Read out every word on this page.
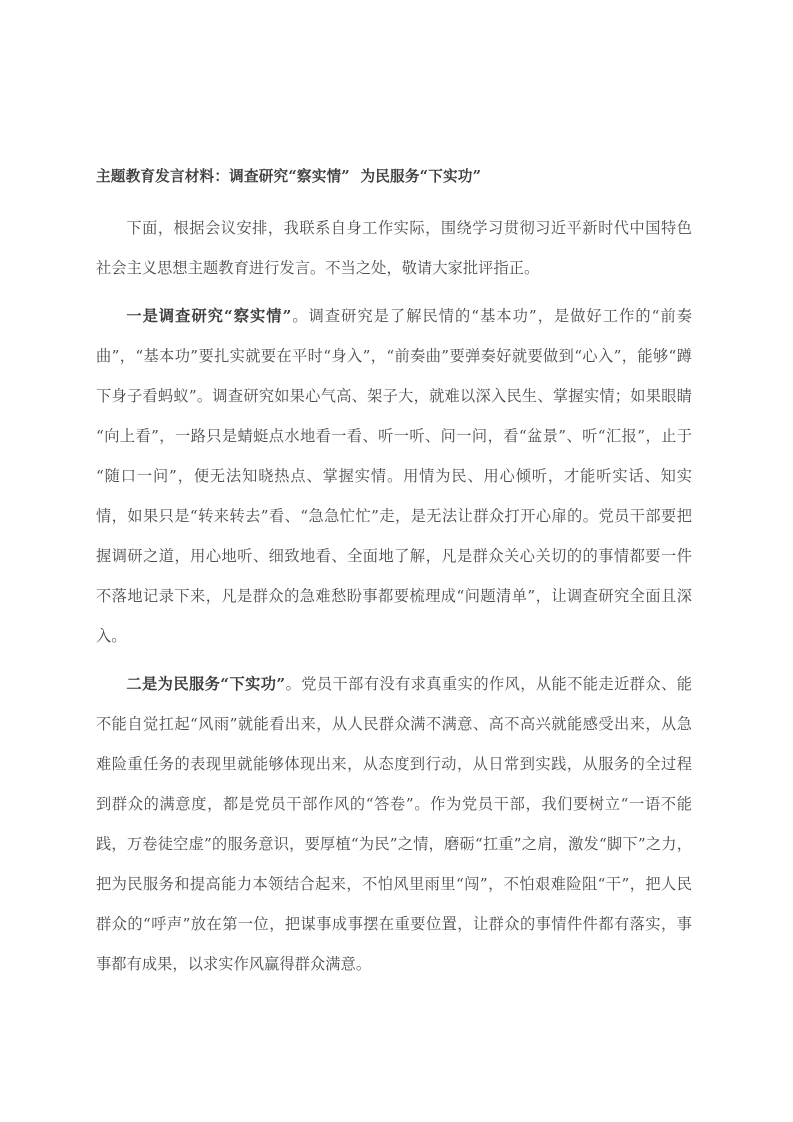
主题教育发言材料：调查研究“察实情”  为民服务“下实功”

下面，根据会议安排，我联系自身工作实际，围绕学习贯彻习近平新时代中国特色社会主义思想主题教育进行发言。不当之处，敬请大家批评指正。

一是调查研究“察实情”。调查研究是了解民情的“基本功”，是做好工作的“前奏曲”，“基本功”要扎实就要在平时“身入”，“前奏曲”要弹奏好就要做到“心入”，能够“蹲下身子看蚂蚁”。调查研究如果心气高、架子大，就难以深入民生、掌握实情；如果眼睛“向上看”，一路只是蜻蜓点水地看一看、听一听、问一问，看“盆景”、听“汇报”，止于“随口一问”，便无法知晓热点、掌握实情。用情为民、用心倾听，才能听实话、知实情，如果只是“转来转去”看、“急急忙忙”走，是无法让群众打开心扉的。党员干部要把握调研之道，用心地听、细致地看、全面地了解，凡是群众关心关切的的事情都要一件不落地记录下来，凡是群众的急难愁盼事都要梳理成“问题清单”，让调查研究全面且深入。

二是为民服务“下实功”。党员干部有没有求真重实的作风，从能不能走近群众、能不能自觉扛起“风雨”就能看出来，从人民群众满不满意、高不高兴就能感受出来，从急难险重任务的表现里就能够体现出来，从态度到行动，从日常到实践，从服务的全过程到群众的满意度，都是党员干部作风的“答卷”。作为党员干部，我们要树立“一语不能践，万卷徒空虚”的服务意识，要厚植“为民”之情，磨砺“扛重”之肩，激发“脚下”之力，把为民服务和提高能力本领结合起来，不怕风里雨里“闯”，不怕艰难险阻“干”，把人民群众的“呼声”放在第一位，把谋事成事摆在重要位置，让群众的事情件件都有落实，事事都有成果，以求实作风赢得群众满意。
